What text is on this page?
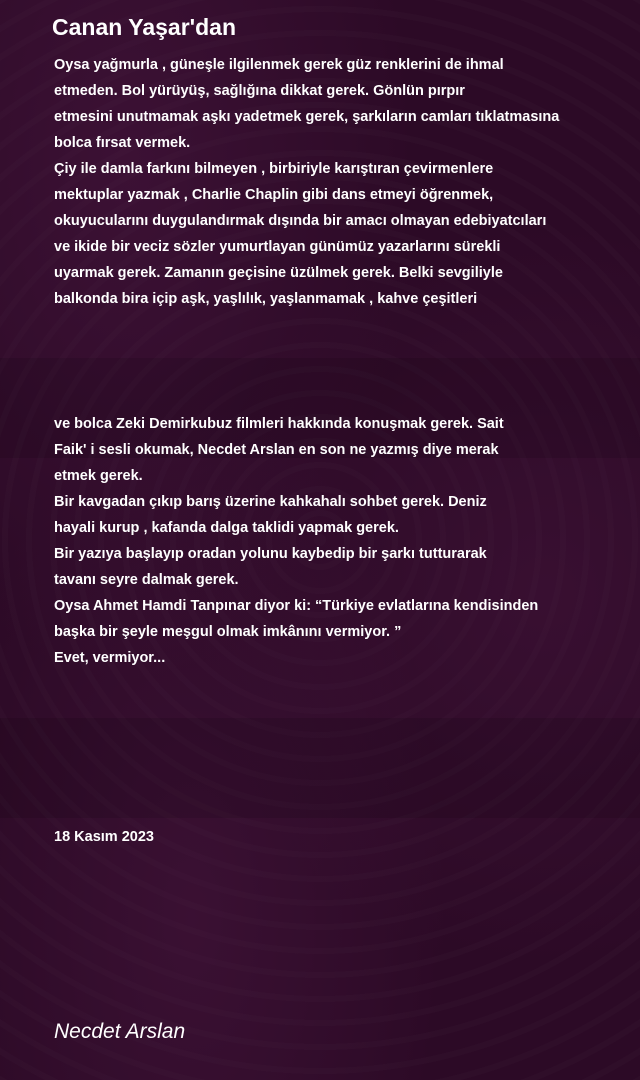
Canan Yaşar'dan
Oysa yağmurla , güneşle ilgilenmek gerek güz renklerini de ihmal
etmeden. Bol yürüyüş, sağlığına dikkat gerek. Gönlün pırpır
etmesini unutmamak aşkı yadetmek gerek, şarkıların camları tıklatmasına
bolca fırsat vermek.
Çiy ile damla farkını bilmeyen , birbiriyle karıştıran çevirmenlere
mektuplar yazmak , Charlie Chaplin gibi dans etmeyi öğrenmek,
okuyucularını duygulandırmak dışında bir amacı olmayan edebiyatcıları
ve ikide bir veciz sözler yumurtlayan günümüz yazarlarını sürekli
uyarmak gerek. Zamanın geçisine üzülmek gerek. Belki sevgiliyle
balkonda bira içip aşk, yaşlılık, yaşlanmamak , kahve çeşitleri
ve bolca Zeki Demirkubuz filmleri hakkında konuşmak gerek. Sait
Faik' i sesli okumak, Necdet Arslan en son ne yazmış diye merak
etmek gerek.
Bir kavgadan çıkıp barış üzerine kahkahalı sohbet gerek. Deniz
hayali kurup , kafanda dalga taklidi yapmak gerek.
Bir yazıya başlayıp oradan yolunu kaybedip bir şarkı tutturarak
tavanı seyre dalmak gerek.
Oysa Ahmet Hamdi Tanpınar diyor ki: “Türkiye evlatlarına kendisinden
başka bir şeyle meşgul olmak imkânını vermiyor. ”
Evet, vermiyor...
18 Kasım 2023
Necdet Arslan
